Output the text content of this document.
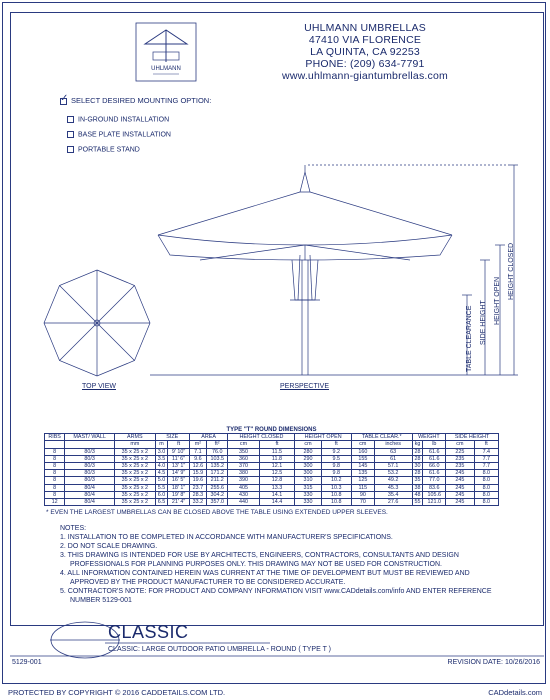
UHLMANN
UHLMANN UMBRELLAS
47410 VIA FLORENCE
LA QUINTA, CA 92253
PHONE: (209) 634-7791
www.uhlmann-giantumbrellas.com
✓SELECT DESIRED MOUNTING OPTION:
IN-GROUND INSTALLATION
BASE PLATE INSTALLATION
PORTABLE STAND
TOP VIEW	PERSPECTIVE
TABLE CLEARANCE SIDE HEIGHT HEIGHT OPEN
HEIGHT CLOSED
TYPE "T" ROUND DIMENSIONS																
RIBS	MAST/ WALL	ARMS	SIZE		AREA		HEIGHT CLOSED		HEIGHT OPEN		TABLE CLEAR.*		WEIGHT		SIDE HEIGHT	
		mm	m	ft	m²	ft²	cm	ft	cm	ft	cm	inches	kg	lb	cm	ft
8	80/3	35 x 25 x 2	3.0	9' 10"	7.1	76.0	350	11.5	280	9.2	160	63	28	61.6	225	7.4
8	80/3	35 x 25 x 2	3.5	11' 6"	9.6	103.5	360	11.8	290	9.5	155	61	28	61.6	235	7.7
8	80/3	35 x 25 x 2	4.0	13' 1"	12.6	135.2	370	12.1	300	9.8	145	57.1	30	66.0	235	7.7
8	80/3	35 x 25 x 2	4.5	14' 9"	15.9	171.2	380	12.5	300	9.8	135	53.2	28	61.6	245	8.0
8	80/3	35 x 25 x 2	5.0	16' 5"	19.6	211.2	390	12.8	310	10.2	125	49.2	35	77.0	245	8.0
8	80/4	35 x 25 x 2	5.5	18' 1"	23.7	255.6	405	13.3	315	10.3	115	45.3	38	83.6	245	8.0
8	80/4	35 x 25 x 2	6.0	19' 8"	28.3	304.2	430	14.1	330	10.8	90	35.4	48	105.6	245	8.0
12	80/4	35 x 25 x 2	6.5	21' 4"	33.2	357.0	440	14.4	330	10.8	70	27.6	55	121.0	245	8.0
* EVEN THE LARGEST UMBRELLAS CAN BE CLOSED ABOVE THE TABLE USING EXTENDED UPPER SLEEVES.
NOTES:
1. INSTALLATION TO BE COMPLETED IN ACCORDANCE WITH MANUFACTURER'S SPECIFICATIONS.
2. DO NOT SCALE DRAWING.
3. THIS DRAWING IS INTENDED FOR USE BY ARCHITECTS, ENGINEERS, CONTRACTORS, CONSULTANTS AND DESIGN PROFESSIONALS FOR PLANNING PURPOSES ONLY. THIS DRAWING MAY NOT BE USED FOR CONSTRUCTION.
4. ALL INFORMATION CONTAINED HEREIN WAS CURRENT AT THE TIME OF DEVELOPMENT BUT MUST BE REVIEWED AND APPROVED BY THE PRODUCT MANUFACTURER TO BE CONSIDERED ACCURATE.
5. CONTRACTOR'S NOTE: FOR PRODUCT AND COMPANY INFORMATION VISIT www.CADdetails.com/info AND ENTER REFERENCE NUMBER 5129-001
CLASSIC
CLASSIC: LARGE OUTDOOR PATIO UMBRELLA - ROUND ( TYPE T )
5129-001	REVISION DATE: 10/26/2016
PROTECTED BY COPYRIGHT © 2016 CADDETAILS.COM LTD.	CADdetails.com
